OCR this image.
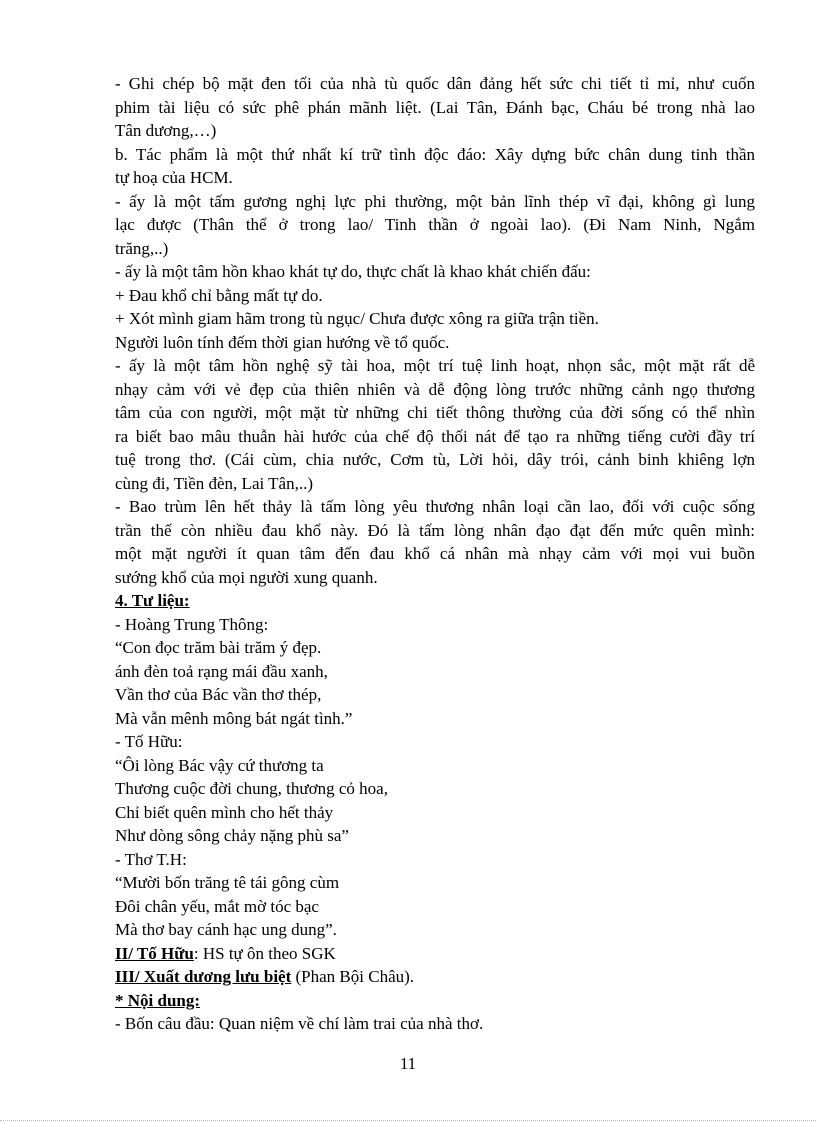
- Ghi chép bộ mặt đen tối của nhà tù quốc dân đảng hết sức chi tiết tỉ mỉ, như cuốn
phim tài liệu có sức phê phán mãnh liệt. (Lai Tân, Đánh bạc, Cháu bé trong nhà lao
Tân dương,…)
b. Tác phẩm là một thứ nhất kí trữ tình độc đáo: Xây dựng bức chân dung tinh thần
tự hoạ của HCM.
- ấy là một tấm gương nghị lực phi thường, một bản lĩnh thép vĩ đại, không gì lung
lạc được (Thân thể ở trong lao/ Tinh thần ở ngoài lao). (Đi Nam Ninh, Ngắm
trăng,..)
- ấy là một tâm hồn khao khát tự do, thực chất là khao khát chiến đấu:
+ Đau khổ chỉ bằng mất tự do.
+ Xót mình giam hãm trong tù ngục/ Chưa được xông ra giữa trận tiền.
Người luôn tính đếm thời gian hướng về tổ quốc.
- ấy là một tâm hồn nghệ sỹ tài hoa, một trí tuệ linh hoạt, nhọn sắc, một mặt rất dễ
nhạy cảm với vẻ đẹp của thiên nhiên và dễ động lòng trước những cảnh ngọ thương
tâm của con người, một mặt từ những chi tiết thông thường của đời sống có thể nhìn
ra biết bao mâu thuẫn hài hước của chế độ thối nát để tạo ra những tiếng cười đầy trí
tuệ trong thơ. (Cái cùm, chia nước, Cơm tù, Lời hỏi, dây trói, cảnh binh khiêng lợn
cùng đi, Tiền đèn, Lai Tân,..)
- Bao trùm lên hết thảy là tấm lòng yêu thương nhân loại cần lao, đối với cuộc sống
trần thế còn nhiều đau khổ này. Đó là tấm lòng nhân đạo đạt đến mức quên mình:
một mặt người ít quan tâm đến đau khổ cá nhân mà nhạy cảm với mọi vui buồn
sướng khổ của mọi người xung quanh.
4. Tư liệu:
- Hoàng Trung Thông:
“Con đọc trăm bài trăm ý đẹp.
ánh đèn toả rạng mái đầu xanh,
Vần thơ của Bác vần thơ thép,
Mà vẫn mênh mông bát ngát tình.”
- Tố Hữu:
“Ôi lòng Bác vậy cứ thương ta
Thương cuộc đời chung, thương cỏ hoa,
Chỉ biết quên mình cho hết thảy
Như dòng sông chảy nặng phù sa”
- Thơ T.H:
“Mười bốn trăng tê tái gông cùm
Đôi chân yếu, mắt mờ tóc bạc
Mà thơ bay cánh hạc ung dung”.
II/ Tố Hữu: HS tự ôn theo SGK
III/ Xuất dương lưu biệt (Phan Bội Châu).
* Nội dung:
- Bốn câu đầu: Quan niệm về chí làm trai của nhà thơ.
11
